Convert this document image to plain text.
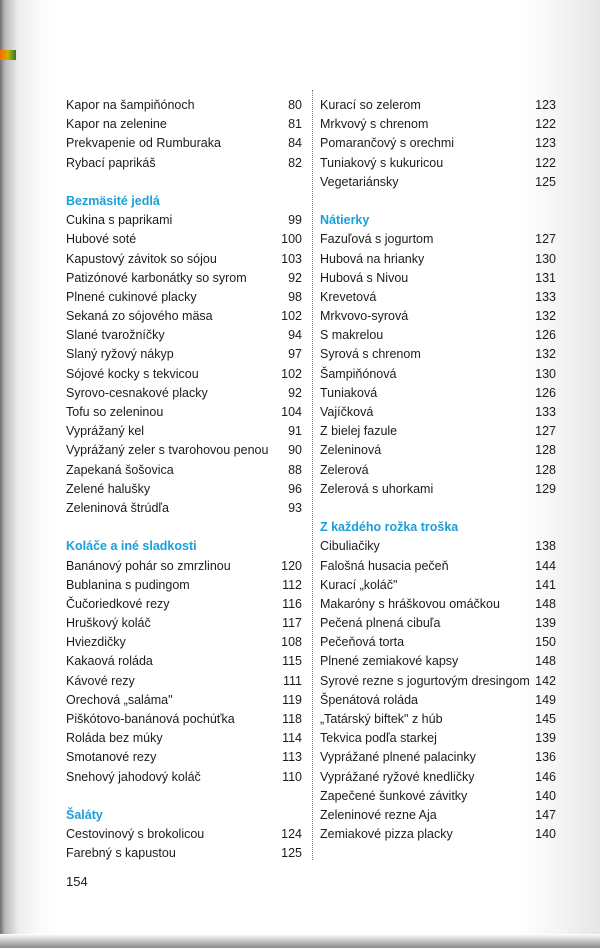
Kapor na šampiňónoch	80
Kapor na zelenine	81
Prekvapenie od Rumburaka	84
Rybací paprikáš	82
Bezmäsité jedlá
Cukina s paprikami	99
Hubové soté	100
Kapustový závitok so sójou	103
Patizónové karbonátky so syrom	92
Plnené cukinové placky	98
Sekaná zo sójového mäsa	102
Slané tvarožníčky	94
Slaný ryžový nákyp	97
Sójové kocky s tekvicou	102
Syrovo-cesnakové placky	92
Tofu so zeleninou	104
Vyprážaný kel	91
Vyprážaný zeler s tvarohovou penou 90
Zapekaná šošovica	88
Zelené halušky	96
Zeleninová štrúdľa	93
Koláče a iné sladkosti
Banánový pohár so zmrzlinou	120
Bublanina s pudingom	112
Čučoriedkové rezy	116
Hruškový koláč	117
Hviezdičky	108
Kakaová roláda	115
Kávové rezy	111
Orechová „saláma"	119
Piškótovo-banánová pochúťka	118
Roláda bez múky	114
Smotanové rezy	113
Snehový jahodový koláč	110
Šaláty
Cestovinový s brokolicou	124
Farebný s kapustou	125
Kurací so zelerom	123
Mrkvový s chrenom	122
Pomarančový s orechmi	123
Tuniakový s kukuricou	122
Vegetariánsky	125
Nátierky
Fazuľová s jogurtom	127
Hubová na hrianky	130
Hubová s Nivou	131
Krevetová	133
Mrkvovo-syrová	132
S makrelou	126
Syrová s chrenom	132
Šampiňónová	130
Tuniaková	126
Vajíčková	133
Z bielej fazule	127
Zeleninová	128
Zelerová	128
Zelerová s uhorkami	129
Z každého rožka troška
Cibuliačiky	138
Falošná husacia pečeň	144
Kurací „koláč"	141
Makaróny s hráškovou omáčkou	148
Pečená plnená cibuľa	139
Pečeňová torta	150
Plnené zemiakové kapsy	148
Syrové rezne s jogurtovým dresingom 142
Špenátová roláda	149
„Tatárský biftek" z húb	145
Tekvica podľa starkej	139
Vyprážané plnené palacinky	136
Vyprážané ryžové knedličky	146
Zapečené šunkové závitky	140
Zeleninové rezne Aja	147
Zemiakové pizza placky	140
154
